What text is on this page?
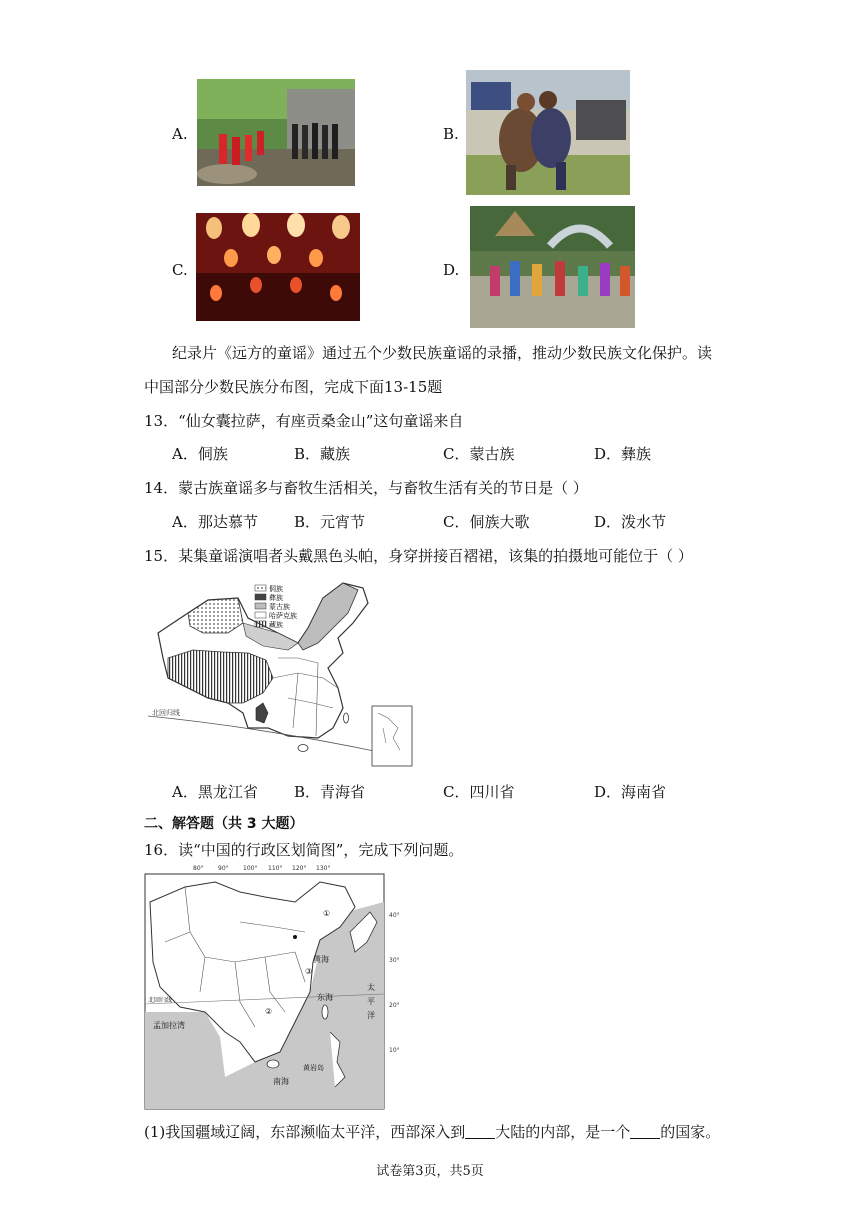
A.	B.
C.	D.
纪录片《远方的童谣》通过五个少数民族童谣的录播，推动少数民族文化保护。读
中国部分少数民族分布图，完成下面13-15题
13．“仙女囊拉萨，有座贡桑金山”这句童谣来自
A．侗族	B．藏族	C．蒙古族	D．彝族
14．蒙古族童谣多与畜牧生活相关，与畜牧生活有关的节日是（ ）
A．那达慕节 B．元宵节	C．侗族大歌	D．泼水节
15．某集童谣演唱者头戴黑色头帕，身穿拼接百褶裙，该集的拍摄地可能位于（ ）
北回归线
侗族
彝族
蒙古族
哈萨克族
藏族
A．黑龙江省 B．青海省	C．四川省	D．海南省
二、解答题（共 3 大题）
16．读“中国的行政区划简图”，完成下列问题。
80° 90° 100° 110° 120° 130°
40°
30°
20°
10°
黄海
东海
太
平
洋
孟加拉湾
南海
黄岩岛
北回归线
①
②
③
(1)我国疆域辽阔，东部濒临太平洋，西部深入到 大陆的内部，是一个 的国家。
试卷第3页，共5页
